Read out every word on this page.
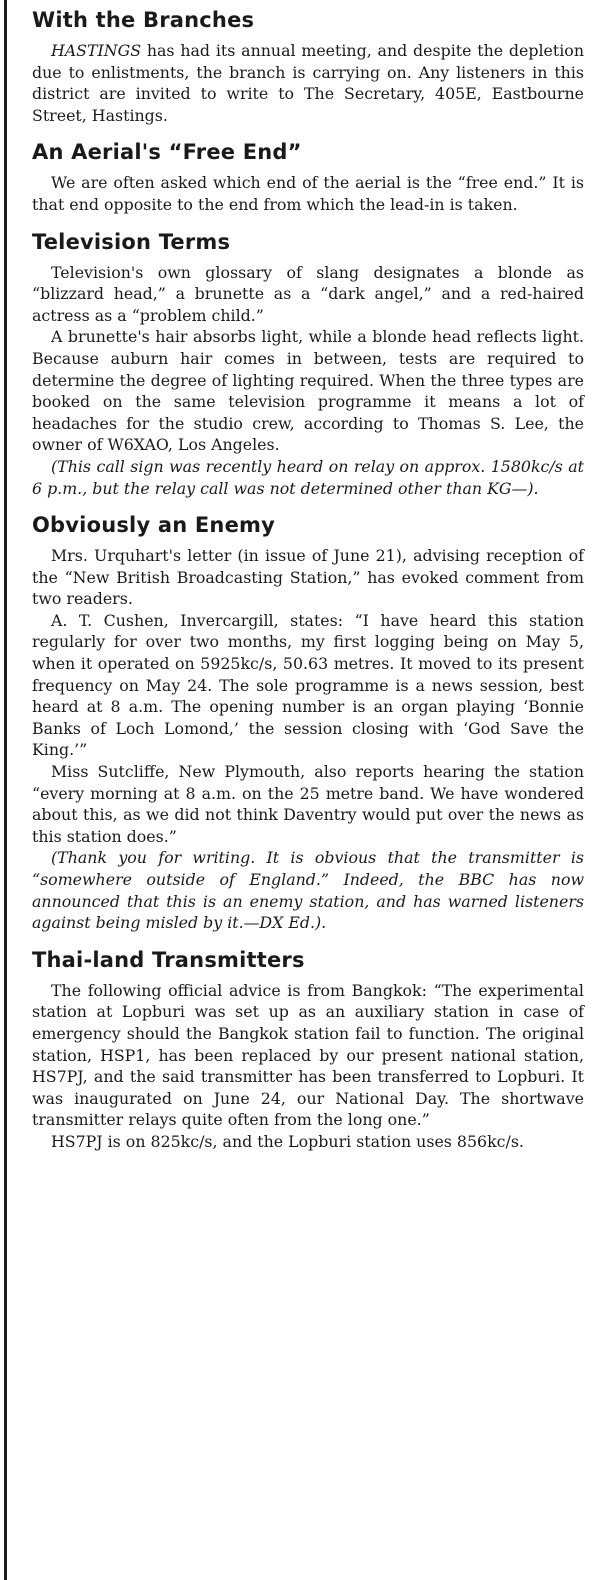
With the Branches

HASTINGS has had its annual meeting, and despite the depletion due to enlistments, the branch is carrying on. Any listeners in this district are invited to write to The Secretary, 405E, Eastbourne Street, Hastings.

An Aerial's “Free End”

We are often asked which end of the aerial is the “free end.” It is that end opposite to the end from which the lead-in is taken.

Television Terms

Television's own glossary of slang designates a blonde as “blizzard head,” a brunette as a “dark angel,” and a red-haired actress as a “problem child.”

A brunette's hair absorbs light, while a blonde head reflects light. Because auburn hair comes in between, tests are required to determine the degree of lighting required. When the three types are booked on the same television programme it means a lot of headaches for the studio crew, according to Thomas S. Lee, the owner of W6XAO, Los Angeles.

(This call sign was recently heard on relay on approx. 1580kc/s at 6 p.m., but the relay call was not determined other than KG—).

Obviously an Enemy

Mrs. Urquhart's letter (in issue of June 21), advising reception of the “New British Broadcasting Station,” has evoked comment from two readers.

A. T. Cushen, Invercargill, states: “I have heard this station regularly for over two months, my first logging being on May 5, when it operated on 5925kc/s, 50.63 metres. It moved to its present frequency on May 24. The sole programme is a news session, best heard at 8 a.m. The opening number is an organ playing ‘Bonnie Banks of Loch Lomond,’ the session closing with ‘God Save the King.’”

Miss Sutcliffe, New Plymouth, also reports hearing the station “every morning at 8 a.m. on the 25 metre band. We have wondered about this, as we did not think Daventry would put over the news as this station does.”

(Thank you for writing. It is obvious that the transmitter is “somewhere outside of England.” Indeed, the BBC has now announced that this is an enemy station, and has warned listeners against being misled by it.—DX Ed.).

Thai-land Transmitters

The following official advice is from Bangkok: “The experimental station at Lopburi was set up as an auxiliary station in case of emergency should the Bangkok station fail to function. The original station, HSP1, has been replaced by our present national station, HS7PJ, and the said transmitter has been transferred to Lopburi. It was inaugurated on June 24, our National Day. The shortwave transmitter relays quite often from the long one.”

HS7PJ is on 825kc/s, and the Lopburi station uses 856kc/s.
